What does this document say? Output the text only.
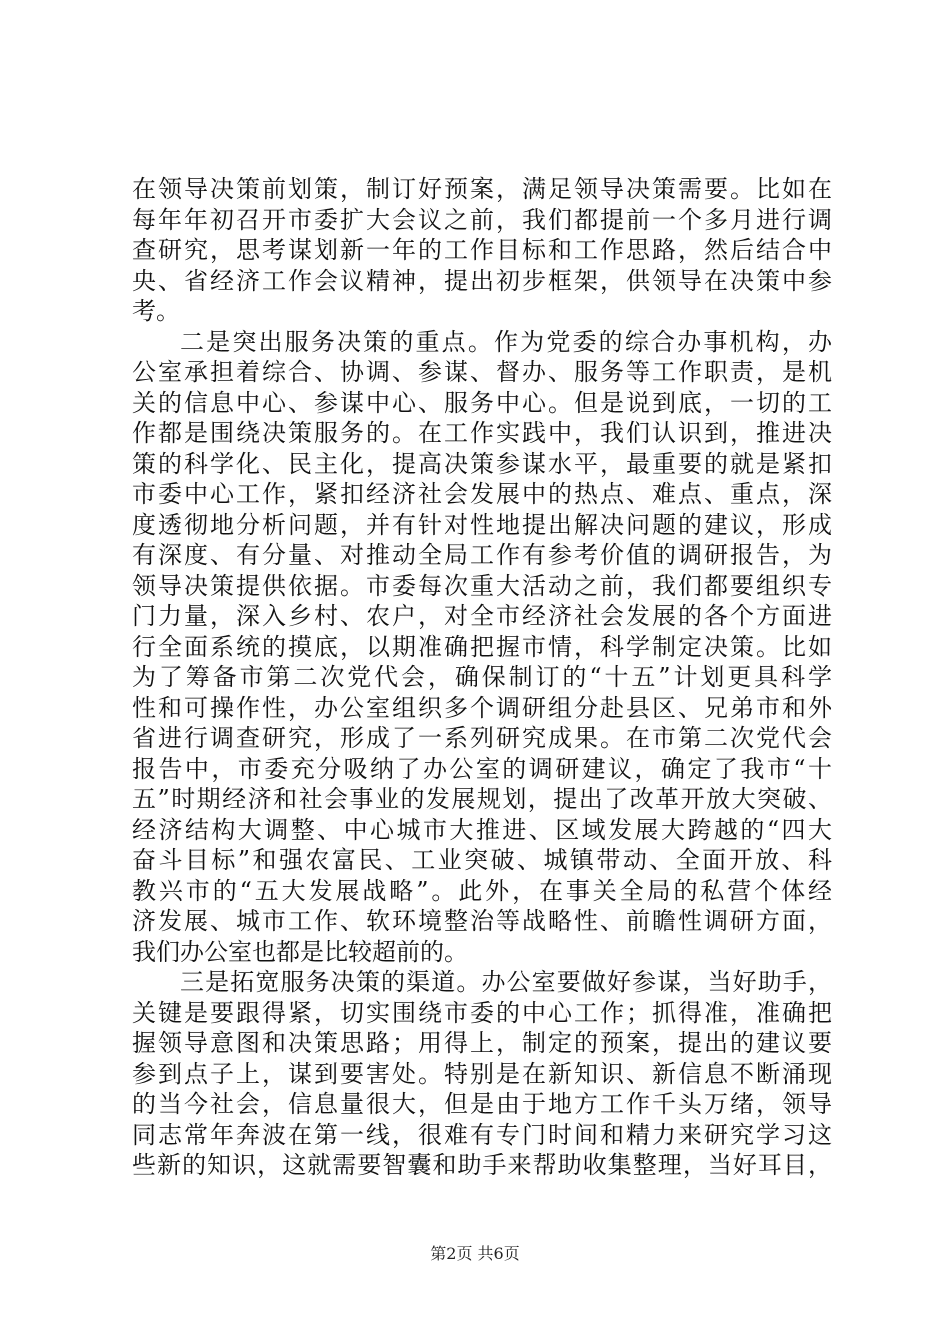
在领导决策前划策，制订好预案，满足领导决策需要。比如在
每年年初召开市委扩大会议之前，我们都提前一个多月进行调
查研究，思考谋划新一年的工作目标和工作思路，然后结合中
央、省经济工作会议精神，提出初步框架，供领导在决策中参
考。
二是突出服务决策的重点。作为党委的综合办事机构，办
公室承担着综合、协调、参谋、督办、服务等工作职责，是机
关的信息中心、参谋中心、服务中心。但是说到底，一切的工
作都是围绕决策服务的。在工作实践中，我们认识到，推进决
策的科学化、民主化，提高决策参谋水平，最重要的就是紧扣
市委中心工作，紧扣经济社会发展中的热点、难点、重点，深
度透彻地分析问题，并有针对性地提出解决问题的建议，形成
有深度、有分量、对推动全局工作有参考价值的调研报告，为
领导决策提供依据。市委每次重大活动之前，我们都要组织专
门力量，深入乡村、农户，对全市经济社会发展的各个方面进
行全面系统的摸底，以期准确把握市情，科学制定决策。比如
为了筹备市第二次党代会，确保制订的“十五”计划更具科学
性和可操作性，办公室组织多个调研组分赴县区、兄弟市和外
省进行调查研究，形成了一系列研究成果。在市第二次党代会
报告中，市委充分吸纳了办公室的调研建议，确定了我市“十
五”时期经济和社会事业的发展规划，提出了改革开放大突破、
经济结构大调整、中心城市大推进、区域发展大跨越的“四大
奋斗目标”和强农富民、工业突破、城镇带动、全面开放、科
教兴市的“五大发展战略”。此外，在事关全局的私营个体经
济发展、城市工作、软环境整治等战略性、前瞻性调研方面，
我们办公室也都是比较超前的。
三是拓宽服务决策的渠道。办公室要做好参谋，当好助手，
关键是要跟得紧，切实围绕市委的中心工作；抓得准，准确把
握领导意图和决策思路；用得上，制定的预案，提出的建议要
参到点子上，谋到要害处。特别是在新知识、新信息不断涌现
的当今社会，信息量很大，但是由于地方工作千头万绪，领导
同志常年奔波在第一线，很难有专门时间和精力来研究学习这
些新的知识，这就需要智囊和助手来帮助收集整理，当好耳目，
第2页 共6页
